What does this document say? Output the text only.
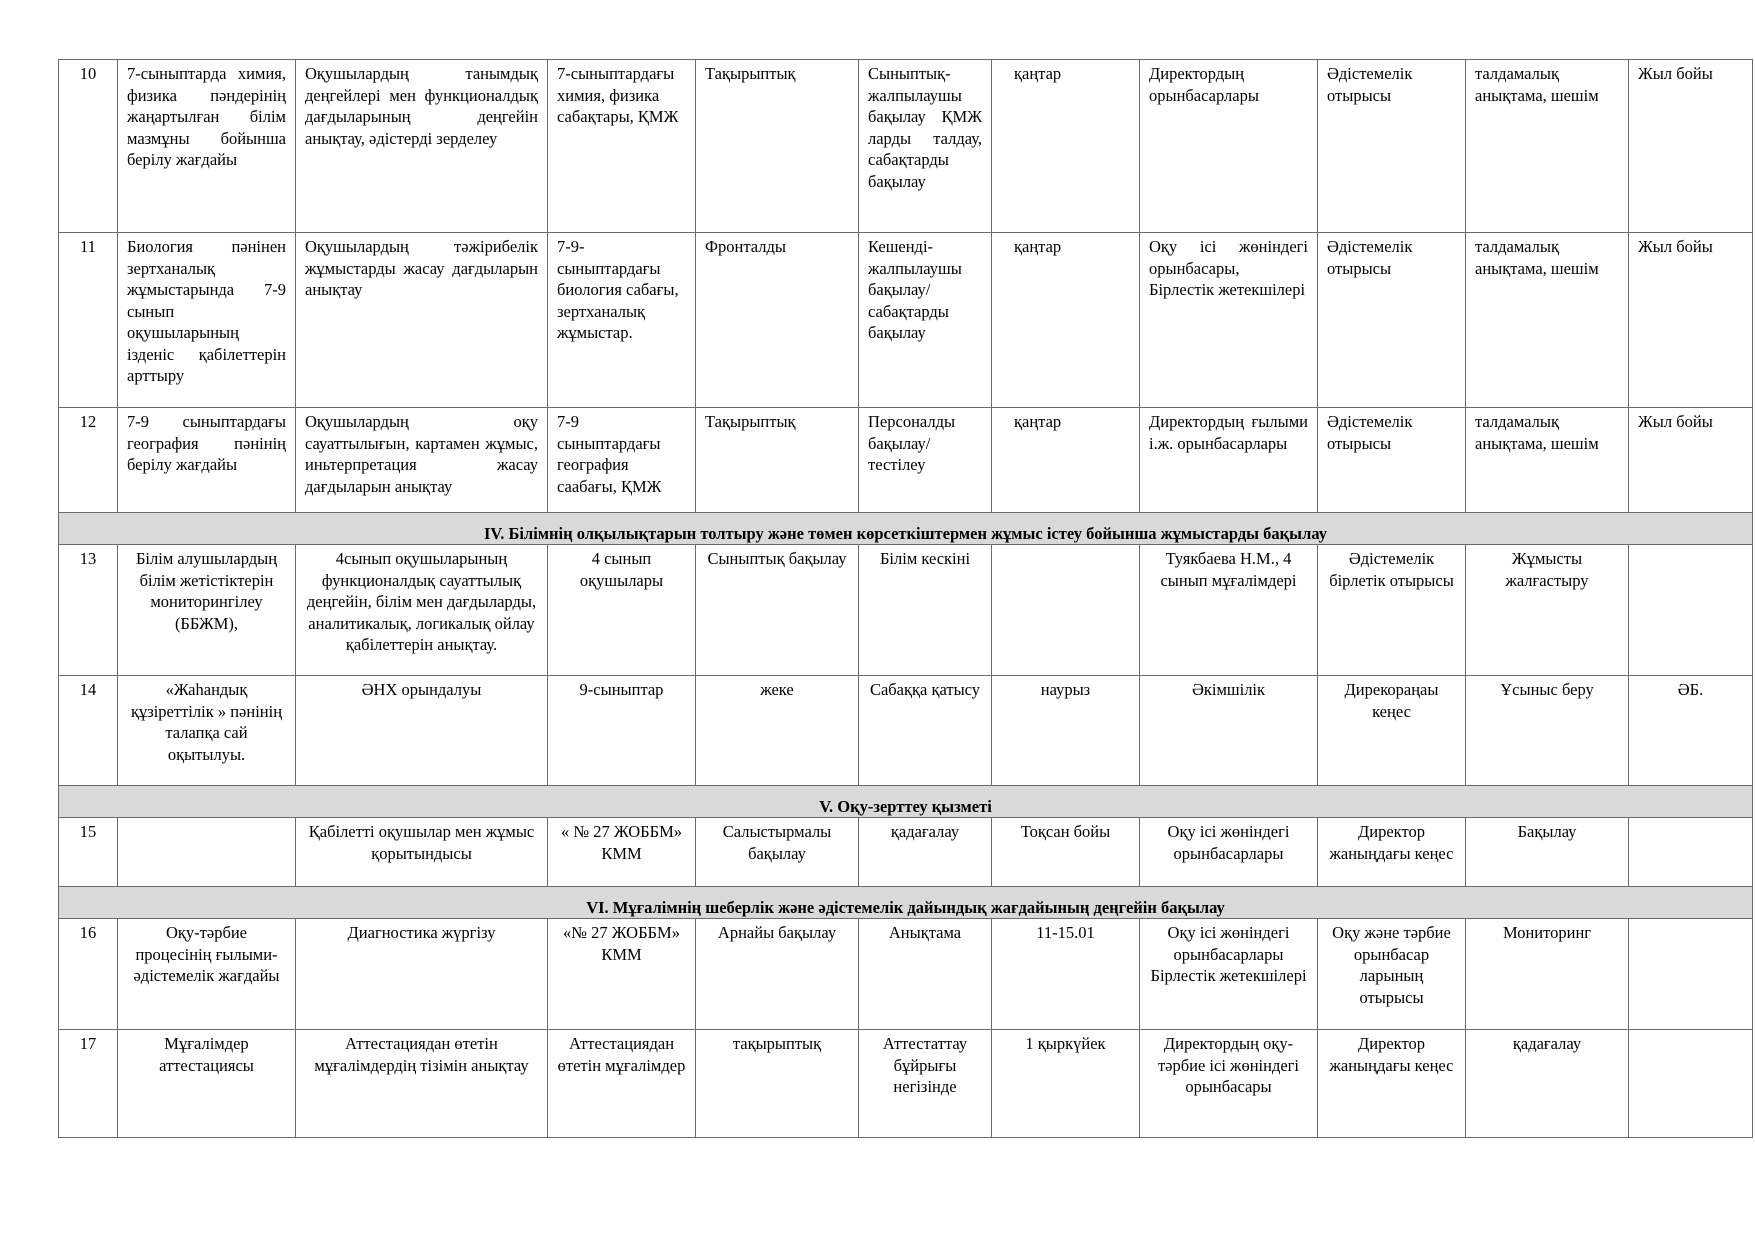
10	7-сыныптарда химия, физика пәндерінің жаңартылған білім мазмұны бойынша берілу жағдайы	Оқушылардың танымдық деңгейлері мен функционалдық дағдыларының деңгейін анықтау, әдістерді зерделеу	7-сыныптардағы химия, физика сабақтары, ҚМЖ	Тақырыптық	Сыныптық-жалпылаушы бақылау ҚМЖ ларды талдау, сабақтарды бақылау	қаңтар	Директордың орынбасарлары	Әдістемелік отырысы	талдамалық анықтама, шешім	Жыл бойы
11	Биология пәнінен зертханалық жұмыстарында 7-9 сынып оқушыларының ізденіс қабілеттерін арттыру	Оқушылардың тәжірибелік жұмыстарды жасау дағдыларын анықтау	7-9-сыныптардағы биология сабағы, зертханалық жұмыстар.	Фронталды	Кешенді-жалпылаушы бақылау/ сабақтарды бақылау	қаңтар	Оқу ісі жөніндегі орынбасары, Бірлестік жетекшілері	Әдістемелік отырысы	талдамалық анықтама, шешім	Жыл бойы
12	7-9 сыныптардағы география пәнінің берілу жағдайы	Оқушылардың оқу сауаттылығын, картамен жұмыс, иньтерпретация жасау дағдыларын анықтау	7-9 сыныптардағы география саабағы, ҚМЖ	Тақырыптық	Персоналды бақылау/ тестілеу	қаңтар	Директордың ғылыми і.ж. орынбасарлары	Әдістемелік отырысы	талдамалық анықтама, шешім	Жыл бойы
IV. Білімнің олқылықтарын толтыру және төмен көрсеткіштермен жұмыс істеу бойынша жұмыстарды бақылау										
13	Білім алушылардың білім жетістіктерін мониторингілеу (ББЖМ),	4сынып оқушыларының функционалдық сауаттылық деңгейін, білім мен дағдыларды, аналитикалық, логикалық ойлау қабілеттерін анықтау.	4 сынып оқушылары	Сыныптық бақылау	Білім кескіні		Туякбаева Н.М., 4 сынып мұғалімдері	Әдістемелік бірлетік отырысы	Жұмысты жалғастыру	
14	«Жаһандық құзіреттілік » пәнінің талапқа сай оқытылуы.	ӘНХ орындалуы	9-сыныптар	жеке	Сабаққа қатысу	наурыз	Әкімшілік	Дирекораңаы кеңес	Ұсыныс беру	ӘБ.
V. Оқу-зерттеу қызметі										
15		Қабілетті оқушылар мен жұмыс қорытындысы	« № 27 ЖОББМ» КММ	Салыстырмалы бақылау	қадағалау	Тоқсан бойы	Оқу ісі жөніндегі орынбасарлары	Директор жаныңдағы кеңес	Бақылау	
VI. Мұғалімнің шеберлік және әдістемелік дайындық жағдайының деңгейін бақылау										
16	Оқу-тәрбие процесінің ғылыми-әдістемелік жағдайы	Диагностика жүргізу	«№ 27 ЖОББМ» КММ	Арнайы бақылау	Анықтама	11-15.01	Оқу ісі жөніндегі орынбасарлары Бірлестік жетекшілері	Оқу және тәрбие орынбасар ларының отырысы	Мониторинг	
17	Мұғалімдер аттестациясы	Аттестациядан өтетін мұғалімдердің тізімін анықтау	Аттестациядан өтетін мұғалімдер	тақырыптық	Аттестаттау бұйрығы негізінде	1 қыркүйек	Директордың оқу-тәрбие ісі жөніндегі орынбасары	Директор жаныңдағы кеңес	қадағалау	
